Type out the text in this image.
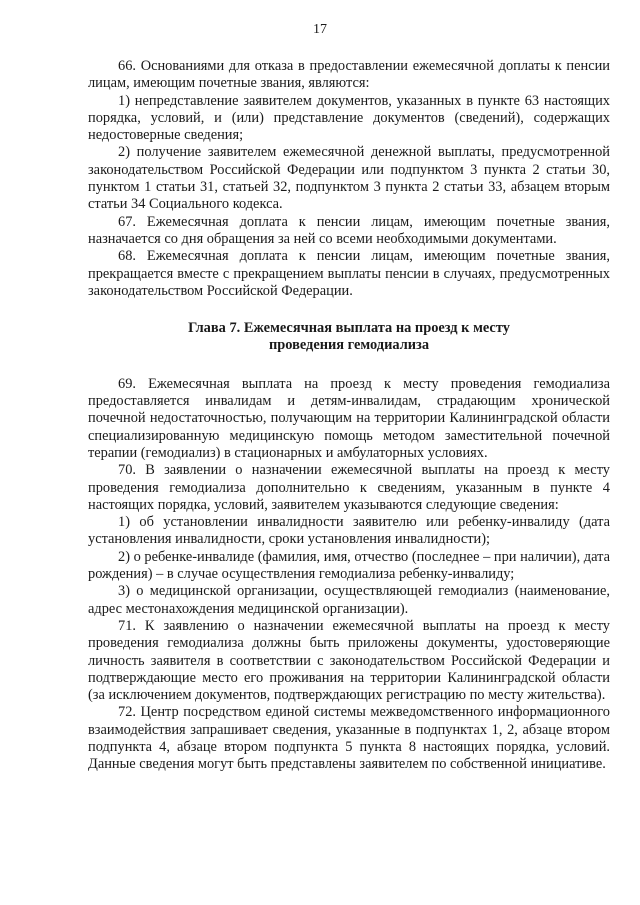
17

66. Основаниями для отказа в предоставлении ежемесячной доплаты к пенсии лицам, имеющим почетные звания, являются:

1) непредставление заявителем документов, указанных в пункте 63 настоящих порядка, условий, и (или) представление документов (сведений), содержащих недостоверные сведения;

2) получение заявителем ежемесячной денежной выплаты, предусмотренной законодательством Российской Федерации или подпунктом 3 пункта 2 статьи 30, пунктом 1 статьи 31, статьей 32, подпунктом 3 пункта 2 статьи 33, абзацем вторым статьи 34 Социального кодекса.

67. Ежемесячная доплата к пенсии лицам, имеющим почетные звания, назначается со дня обращения за ней со всеми необходимыми документами.

68. Ежемесячная доплата к пенсии лицам, имеющим почетные звания, прекращается вместе с прекращением выплаты пенсии в случаях, предусмотренных законодательством Российской Федерации.

Глава 7. Ежемесячная выплата на проезд к месту
проведения гемодиализа

69. Ежемесячная выплата на проезд к месту проведения гемодиализа предоставляется инвалидам и детям-инвалидам, страдающим хронической почечной недостаточностью, получающим на территории Калининградской области специализированную медицинскую помощь методом заместительной почечной терапии (гемодиализ) в стационарных и амбулаторных условиях.

70. В заявлении о назначении ежемесячной выплаты на проезд к месту проведения гемодиализа дополнительно к сведениям, указанным в пункте 4 настоящих порядка, условий, заявителем указываются следующие сведения:

1) об установлении инвалидности заявителю или ребенку-инвалиду (дата установления инвалидности, сроки установления инвалидности);

2) о ребенке-инвалиде (фамилия, имя, отчество (последнее – при наличии), дата рождения) – в случае осуществления гемодиализа ребенку-инвалиду;

3) о медицинской организации, осуществляющей гемодиализ (наименование, адрес местонахождения медицинской организации).

71. К заявлению о назначении ежемесячной выплаты на проезд к месту проведения гемодиализа должны быть приложены документы, удостоверяющие личность заявителя в соответствии с законодательством Российской Федерации и подтверждающие место его проживания на территории Калининградской области (за исключением документов, подтверждающих регистрацию по месту жительства).

72. Центр посредством единой системы межведомственного информационного взаимодействия запрашивает сведения, указанные в подпунктах 1, 2, абзаце втором подпункта 4, абзаце втором подпункта 5 пункта 8 настоящих порядка, условий. Данные сведения могут быть представлены заявителем по собственной инициативе.
